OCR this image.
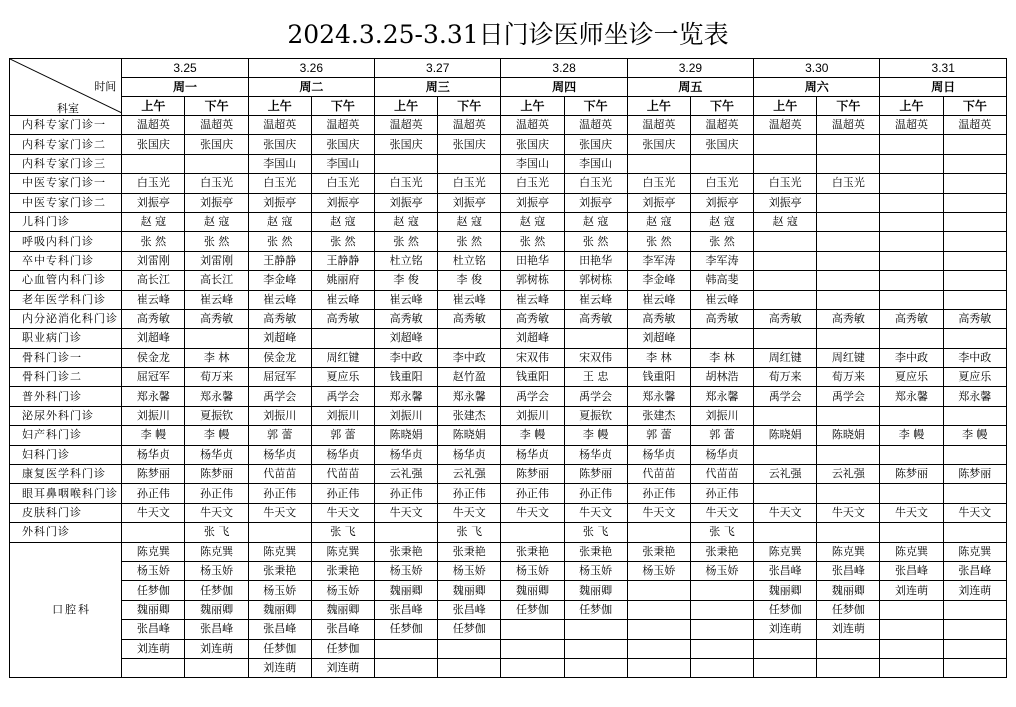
2024.3.25-3.31日门诊医师坐诊一览表
时间
科室	3.25		3.26		3.27		3.28		3.29		3.30		3.31	
	周一		周二		周三		周四		周五		周六		周日	
	上午	下午	上午	下午	上午	下午	上午	下午	上午	下午	上午	下午	上午	下午
内科专家门诊一	温超英	温超英	温超英	温超英	温超英	温超英	温超英	温超英	温超英	温超英	温超英	温超英	温超英	温超英
内科专家门诊二	张国庆	张国庆	张国庆	张国庆	张国庆	张国庆	张国庆	张国庆	张国庆	张国庆				
内科专家门诊三			李国山	李国山			李国山	李国山						
中医专家门诊一	白玉光	白玉光	白玉光	白玉光	白玉光	白玉光	白玉光	白玉光	白玉光	白玉光	白玉光	白玉光		
中医专家门诊二	刘振亭	刘振亭	刘振亭	刘振亭	刘振亭	刘振亭	刘振亭	刘振亭	刘振亭	刘振亭	刘振亭			
儿科门诊	赵 寇	赵 寇	赵 寇	赵 寇	赵 寇	赵 寇	赵 寇	赵 寇	赵 寇	赵 寇	赵 寇			
呼吸内科门诊	张 然	张 然	张 然	张 然	张 然	张 然	张 然	张 然	张 然	张 然				
卒中专科门诊	刘雷刚	刘雷刚	王静静	王静静	杜立铭	杜立铭	田艳华	田艳华	李军涛	李军涛				
心血管内科门诊	高长江	高长江	李金峰	姚丽府	李 俊	李 俊	郭树栋	郭树栋	李金峰	韩高斐				
老年医学科门诊	崔云峰	崔云峰	崔云峰	崔云峰	崔云峰	崔云峰	崔云峰	崔云峰	崔云峰	崔云峰				
内分泌消化科门诊	高秀敏	高秀敏	高秀敏	高秀敏	高秀敏	高秀敏	高秀敏	高秀敏	高秀敏	高秀敏	高秀敏	高秀敏	高秀敏	高秀敏
职业病门诊	刘超峰		刘超峰		刘超峰		刘超峰		刘超峰					
骨科门诊一	侯金龙	李 林	侯金龙	周红键	李中政	李中政	宋双伟	宋双伟	李 林	李 林	周红键	周红键	李中政	李中政
骨科门诊二	屈冠军	荀万来	屈冠军	夏应乐	钱重阳	赵竹盈	钱重阳	王 忠	钱重阳	胡林浩	荀万来	荀万来	夏应乐	夏应乐
普外科门诊	郑永馨	郑永馨	禹学会	禹学会	郑永馨	郑永馨	禹学会	禹学会	郑永馨	郑永馨	禹学会	禹学会	郑永馨	郑永馨
泌尿外科门诊	刘振川	夏振钦	刘振川	刘振川	刘振川	张建杰	刘振川	夏振钦	张建杰	刘振川				
妇产科门诊	李 幔	李 幔	郭 蕾	郭 蕾	陈晓娟	陈晓娟	李 幔	李 幔	郭 蕾	郭 蕾	陈晓娟	陈晓娟	李 幔	李 幔
妇科门诊	杨华贞	杨华贞	杨华贞	杨华贞	杨华贞	杨华贞	杨华贞	杨华贞	杨华贞	杨华贞				
康复医学科门诊	陈梦丽	陈梦丽	代苗苗	代苗苗	云礼强	云礼强	陈梦丽	陈梦丽	代苗苗	代苗苗	云礼强	云礼强	陈梦丽	陈梦丽
眼耳鼻咽喉科门诊	孙正伟	孙正伟	孙正伟	孙正伟	孙正伟	孙正伟	孙正伟	孙正伟	孙正伟	孙正伟				
皮肤科门诊	牛天文	牛天文	牛天文	牛天文	牛天文	牛天文	牛天文	牛天文	牛天文	牛天文	牛天文	牛天文	牛天文	牛天文
外科门诊		张 飞		张 飞		张 飞		张 飞		张 飞				
口腔科	陈克巽	陈克巽	陈克巽	陈克巽	张秉艳	张秉艳	张秉艳	张秉艳	张秉艳	张秉艳	陈克巽	陈克巽	陈克巽	陈克巽
	杨玉娇	杨玉娇	张秉艳	张秉艳	杨玉娇	杨玉娇	杨玉娇	杨玉娇	杨玉娇	杨玉娇	张昌峰	张昌峰	张昌峰	张昌峰
	任梦伽	任梦伽	杨玉娇	杨玉娇	魏丽卿	魏丽卿	魏丽卿	魏丽卿			魏丽卿	魏丽卿	刘连萌	刘连萌
	魏丽卿	魏丽卿	魏丽卿	魏丽卿	张昌峰	张昌峰	任梦伽	任梦伽			任梦伽	任梦伽		
	张昌峰	张昌峰	张昌峰	张昌峰	任梦伽	任梦伽					刘连萌	刘连萌		
	刘连萌	刘连萌	任梦伽	任梦伽										
			刘连萌	刘连萌										
